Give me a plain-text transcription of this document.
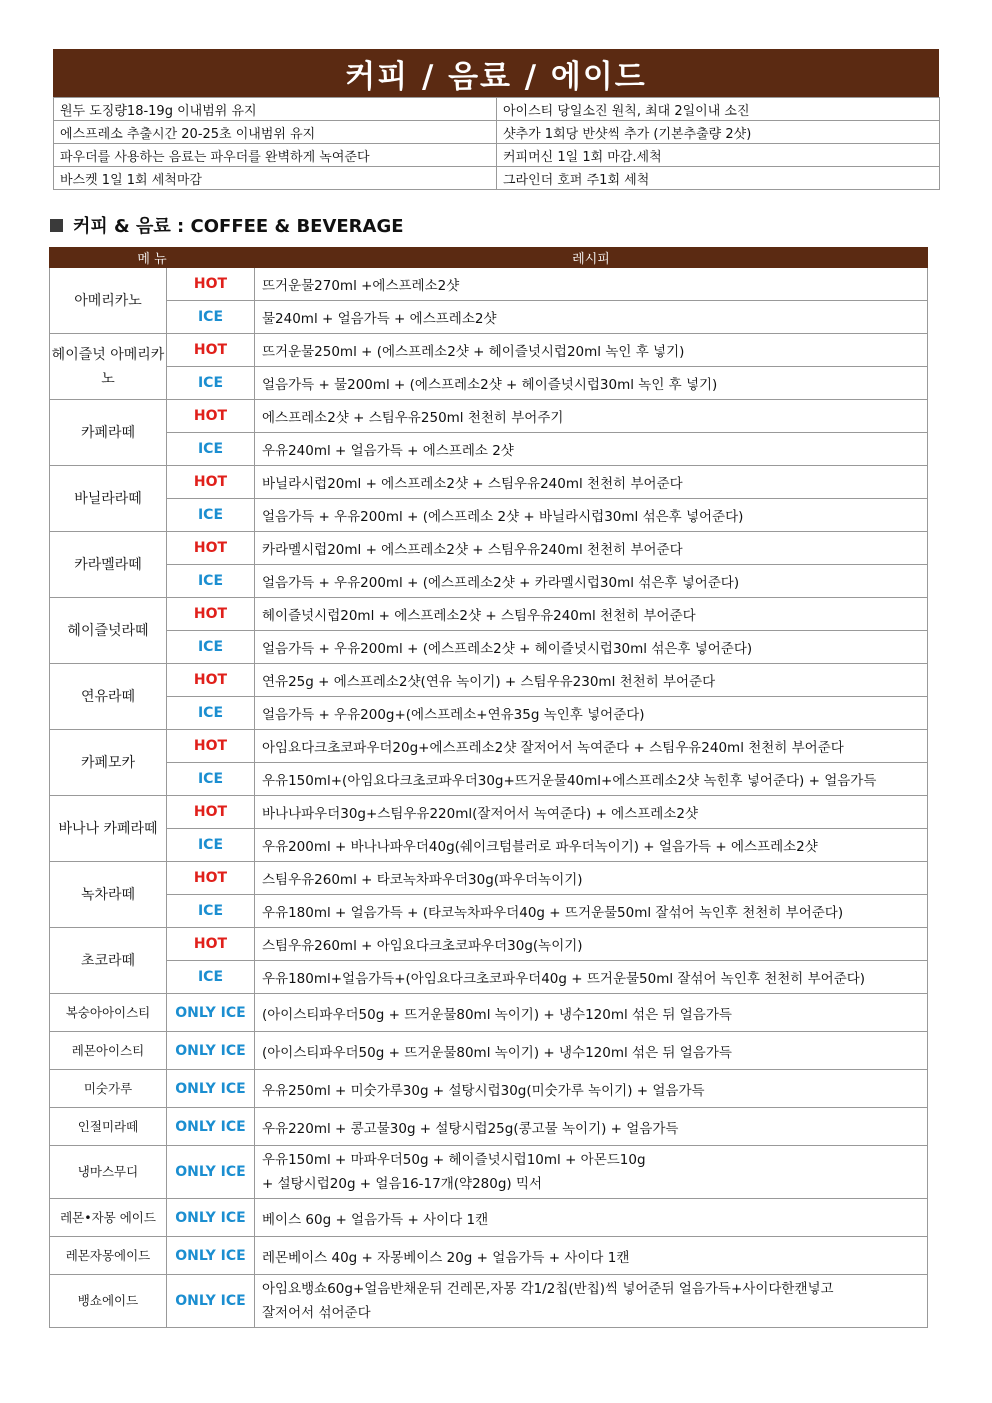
커피 / 음료 / 에이드
원두 도징량18-19g 이내범위 유지	아이스티 당일소진 원칙, 최대 2일이내 소진
에스프레소 추출시간 20-25초 이내범위 유지	샷추가 1회당 반샷씩 추가 (기본추출량 2샷)
파우더를 사용하는 음료는 파우더를 완벽하게 녹여준다	커피머신 1일 1회 마감.세척
바스켓 1일 1회 세척마감	그라인더 호퍼 주1회 세척
커피 & 음료 : COFFEE & BEVERAGE
메 뉴		레시피
아메리카노	HOT	뜨거운물270ml +에스프레소2샷
	ICE	물240ml + 얼음가득 + 에스프레소2샷
헤이즐넛 아메리카노	HOT	뜨거운물250ml + (에스프레소2샷 + 헤이즐넛시럽20ml 녹인 후 넣기)
	ICE	얼음가득 + 물200ml + (에스프레소2샷 + 헤이즐넛시럽30ml 녹인 후 넣기)
카페라떼	HOT	에스프레소2샷 + 스팀우유250ml 천천히 부어주기
	ICE	우유240ml + 얼음가득 + 에스프레소 2샷
바닐라라떼	HOT	바닐라시럽20ml + 에스프레소2샷 + 스팀우유240ml 천천히 부어준다
	ICE	얼음가득 + 우유200ml + (에스프레소 2샷 + 바닐라시럽30ml 섞은후 넣어준다)
카라멜라떼	HOT	카라멜시럽20ml + 에스프레소2샷 + 스팀우유240ml 천천히 부어준다
	ICE	얼음가득 + 우유200ml + (에스프레소2샷 + 카라멜시럽30ml 섞은후 넣어준다)
헤이즐넛라떼	HOT	헤이즐넛시럽20ml + 에스프레소2샷 + 스팀우유240ml 천천히 부어준다
	ICE	얼음가득 + 우유200ml + (에스프레소2샷 + 헤이즐넛시럽30ml 섞은후 넣어준다)
연유라떼	HOT	연유25g + 에스프레소2샷(연유 녹이기) + 스팀우유230ml 천천히 부어준다
	ICE	얼음가득 + 우유200g+(에스프레소+연유35g 녹인후 넣어준다)
카페모카	HOT	아임요다크초코파우더20g+에스프레소2샷 잘저어서 녹여준다 + 스팀우유240ml 천천히 부어준다
	ICE	우유150ml+(아임요다크초코파우더30g+뜨거운물40ml+에스프레소2샷 녹힌후 넣어준다) + 얼음가득
바나나 카페라떼	HOT	바나나파우더30g+스팀우유220ml(잘저어서 녹여준다) + 에스프레소2샷
	ICE	우유200ml + 바나나파우더40g(쉐이크텀블러로 파우더녹이기) + 얼음가득 + 에스프레소2샷
녹차라떼	HOT	스팀우유260ml + 타코녹차파우더30g(파우더녹이기)
	ICE	우유180ml + 얼음가득 + (타코녹차파우더40g + 뜨거운물50ml 잘섞어 녹인후 천천히 부어준다)
초코라떼	HOT	스팀우유260ml + 아임요다크초코파우더30g(녹이기)
	ICE	우유180ml+얼음가득+(아임요다크초코파우더40g + 뜨거운물50ml 잘섞어 녹인후 천천히 부어준다)
복숭아아이스티	ONLY ICE	(아이스티파우더50g + 뜨거운물80ml 녹이기) + 냉수120ml 섞은 뒤 얼음가득
레몬아이스티	ONLY ICE	(아이스티파우더50g + 뜨거운물80ml 녹이기) + 냉수120ml 섞은 뒤 얼음가득
미숫가루	ONLY ICE	우유250ml + 미숫가루30g + 설탕시럽30g(미숫가루 녹이기) + 얼음가득
인절미라떼	ONLY ICE	우유220ml + 콩고물30g + 설탕시럽25g(콩고물 녹이기) + 얼음가득
냉마스무디	ONLY ICE	우유150ml + 마파우더50g + 헤이즐넛시럽10ml + 아몬드10g
+ 설탕시럽20g + 얼음16-17개(약280g) 믹서

레몬•자몽 에이드	ONLY ICE	베이스 60g + 얼음가득 + 사이다 1캔
레몬자몽에이드	ONLY ICE	레몬베이스 40g + 자몽베이스 20g + 얼음가득 + 사이다 1캔
뱅쇼에이드	ONLY ICE	아임요뱅쇼60g+얼음반채운뒤 건레몬,자몽 각1/2칩(반칩)씩 넣어준뒤 얼음가득+사이다한캔넣고
잘저어서 섞어준다
